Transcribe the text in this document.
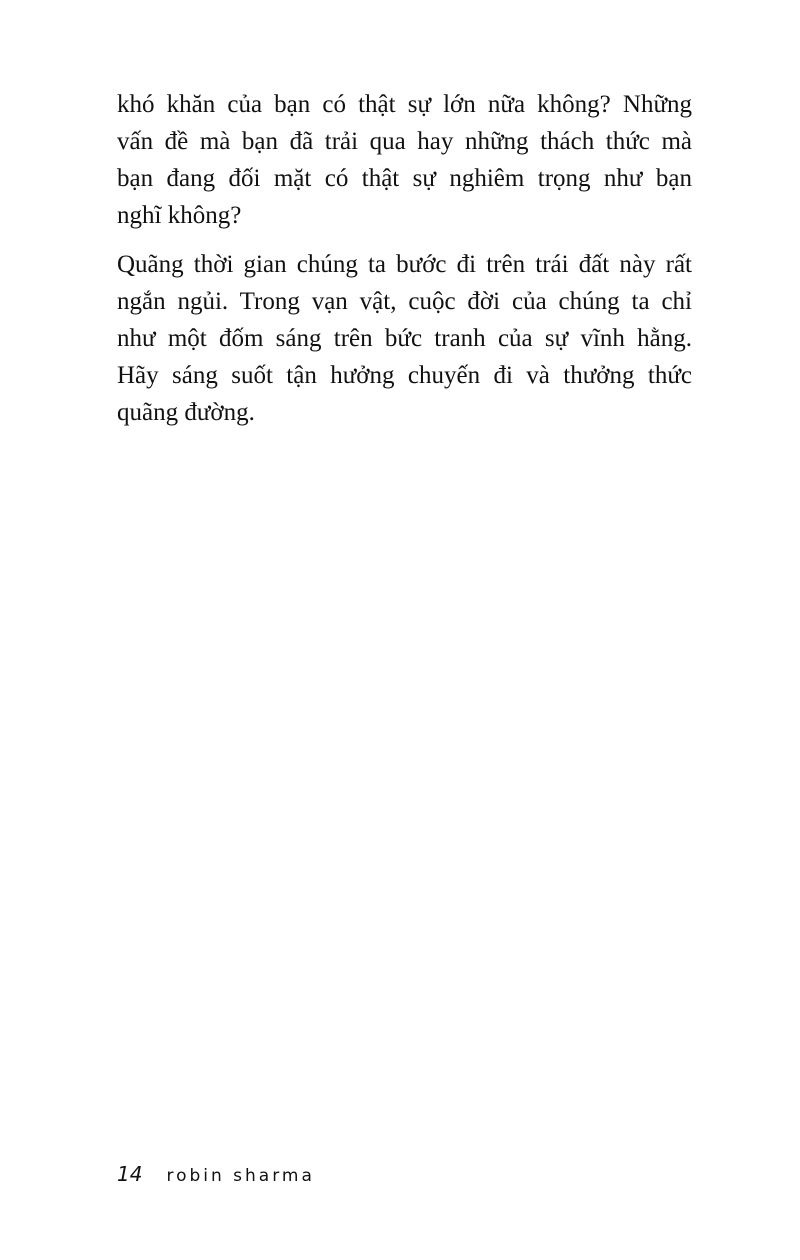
khó khăn của bạn có thật sự lớn nữa không? Những
vấn đề mà bạn đã trải qua hay những thách thức mà
bạn đang đối mặt có thật sự nghiêm trọng như bạn
nghĩ không?

Quãng thời gian chúng ta bước đi trên trái đất này rất
ngắn ngủi. Trong vạn vật, cuộc đời của chúng ta chỉ
như một đốm sáng trên bức tranh của sự vĩnh hằng.
Hãy sáng suốt tận hưởng chuyến đi và thưởng thức
quãng đường.

14 robin sharma
